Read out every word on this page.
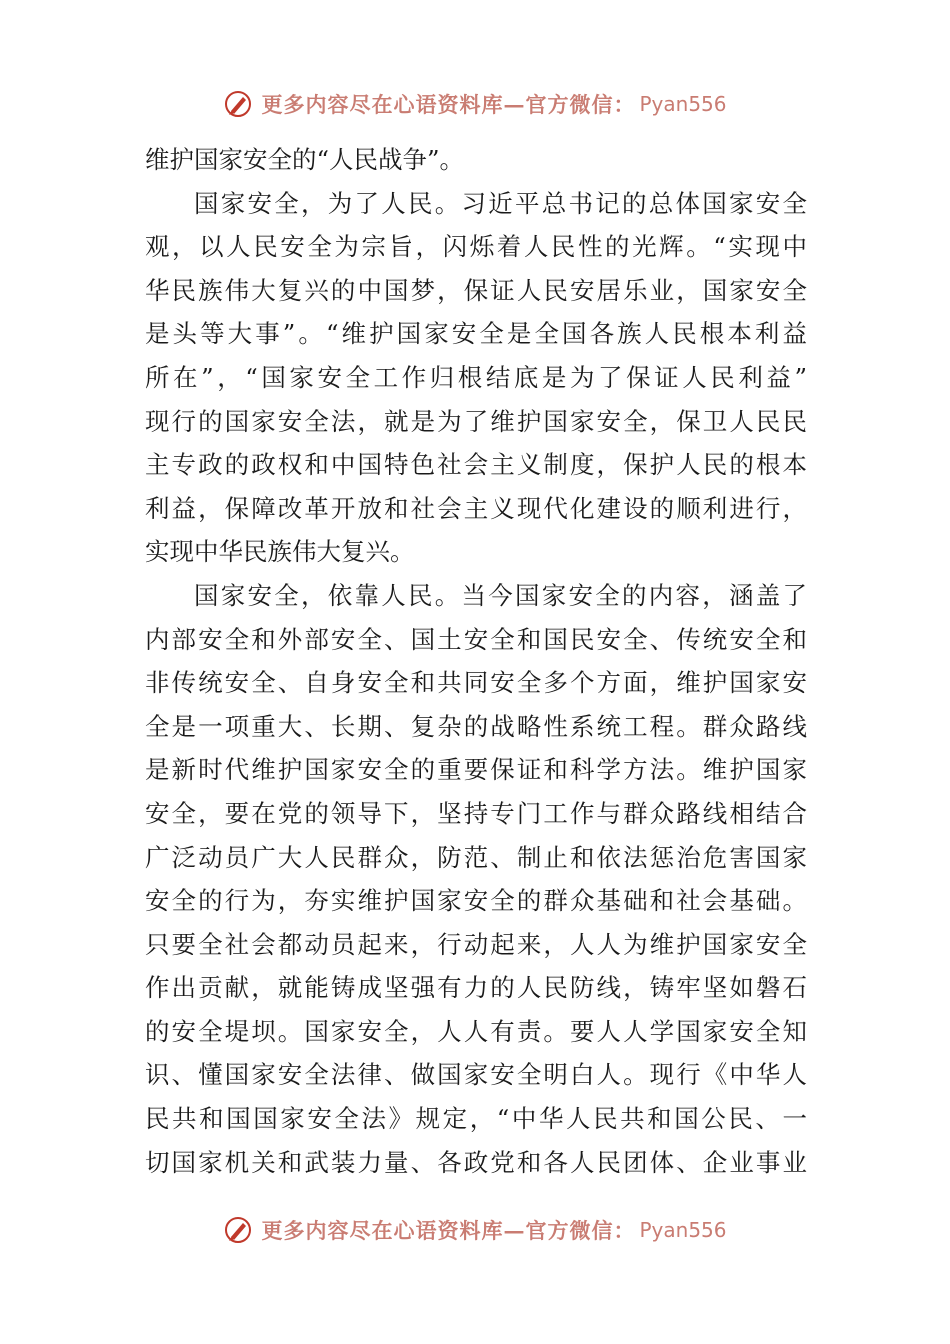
更多内容尽在心语资料库—官方微信： Pyan556
维护国家安全的“人民战争”。
国家安全，为了人民。习近平总书记的总体国家安全
观，以人民安全为宗旨，闪烁着人民性的光辉。“实现中
华民族伟大复兴的中国梦，保证人民安居乐业，国家安全
是头等大事”。“维护国家安全是全国各族人民根本利益
所在”，“国家安全工作归根结底是为了保证人民利益”
现行的国家安全法，就是为了维护国家安全，保卫人民民
主专政的政权和中国特色社会主义制度，保护人民的根本
利益，保障改革开放和社会主义现代化建设的顺利进行，
实现中华民族伟大复兴。
国家安全，依靠人民。当今国家安全的内容，涵盖了
内部安全和外部安全、国土安全和国民安全、传统安全和
非传统安全、自身安全和共同安全多个方面，维护国家安
全是一项重大、长期、复杂的战略性系统工程。群众路线
是新时代维护国家安全的重要保证和科学方法。维护国家
安全，要在党的领导下，坚持专门工作与群众路线相结合
广泛动员广大人民群众，防范、制止和依法惩治危害国家
安全的行为，夯实维护国家安全的群众基础和社会基础。
只要全社会都动员起来，行动起来，人人为维护国家安全
作出贡献，就能铸成坚强有力的人民防线，铸牢坚如磐石
的安全堤坝。国家安全，人人有责。要人人学国家安全知
识、懂国家安全法律、做国家安全明白人。现行《中华人
民共和国国家安全法》规定，“中华人民共和国公民、一
切国家机关和武装力量、各政党和各人民团体、企业事业
更多内容尽在心语资料库—官方微信： Pyan556
